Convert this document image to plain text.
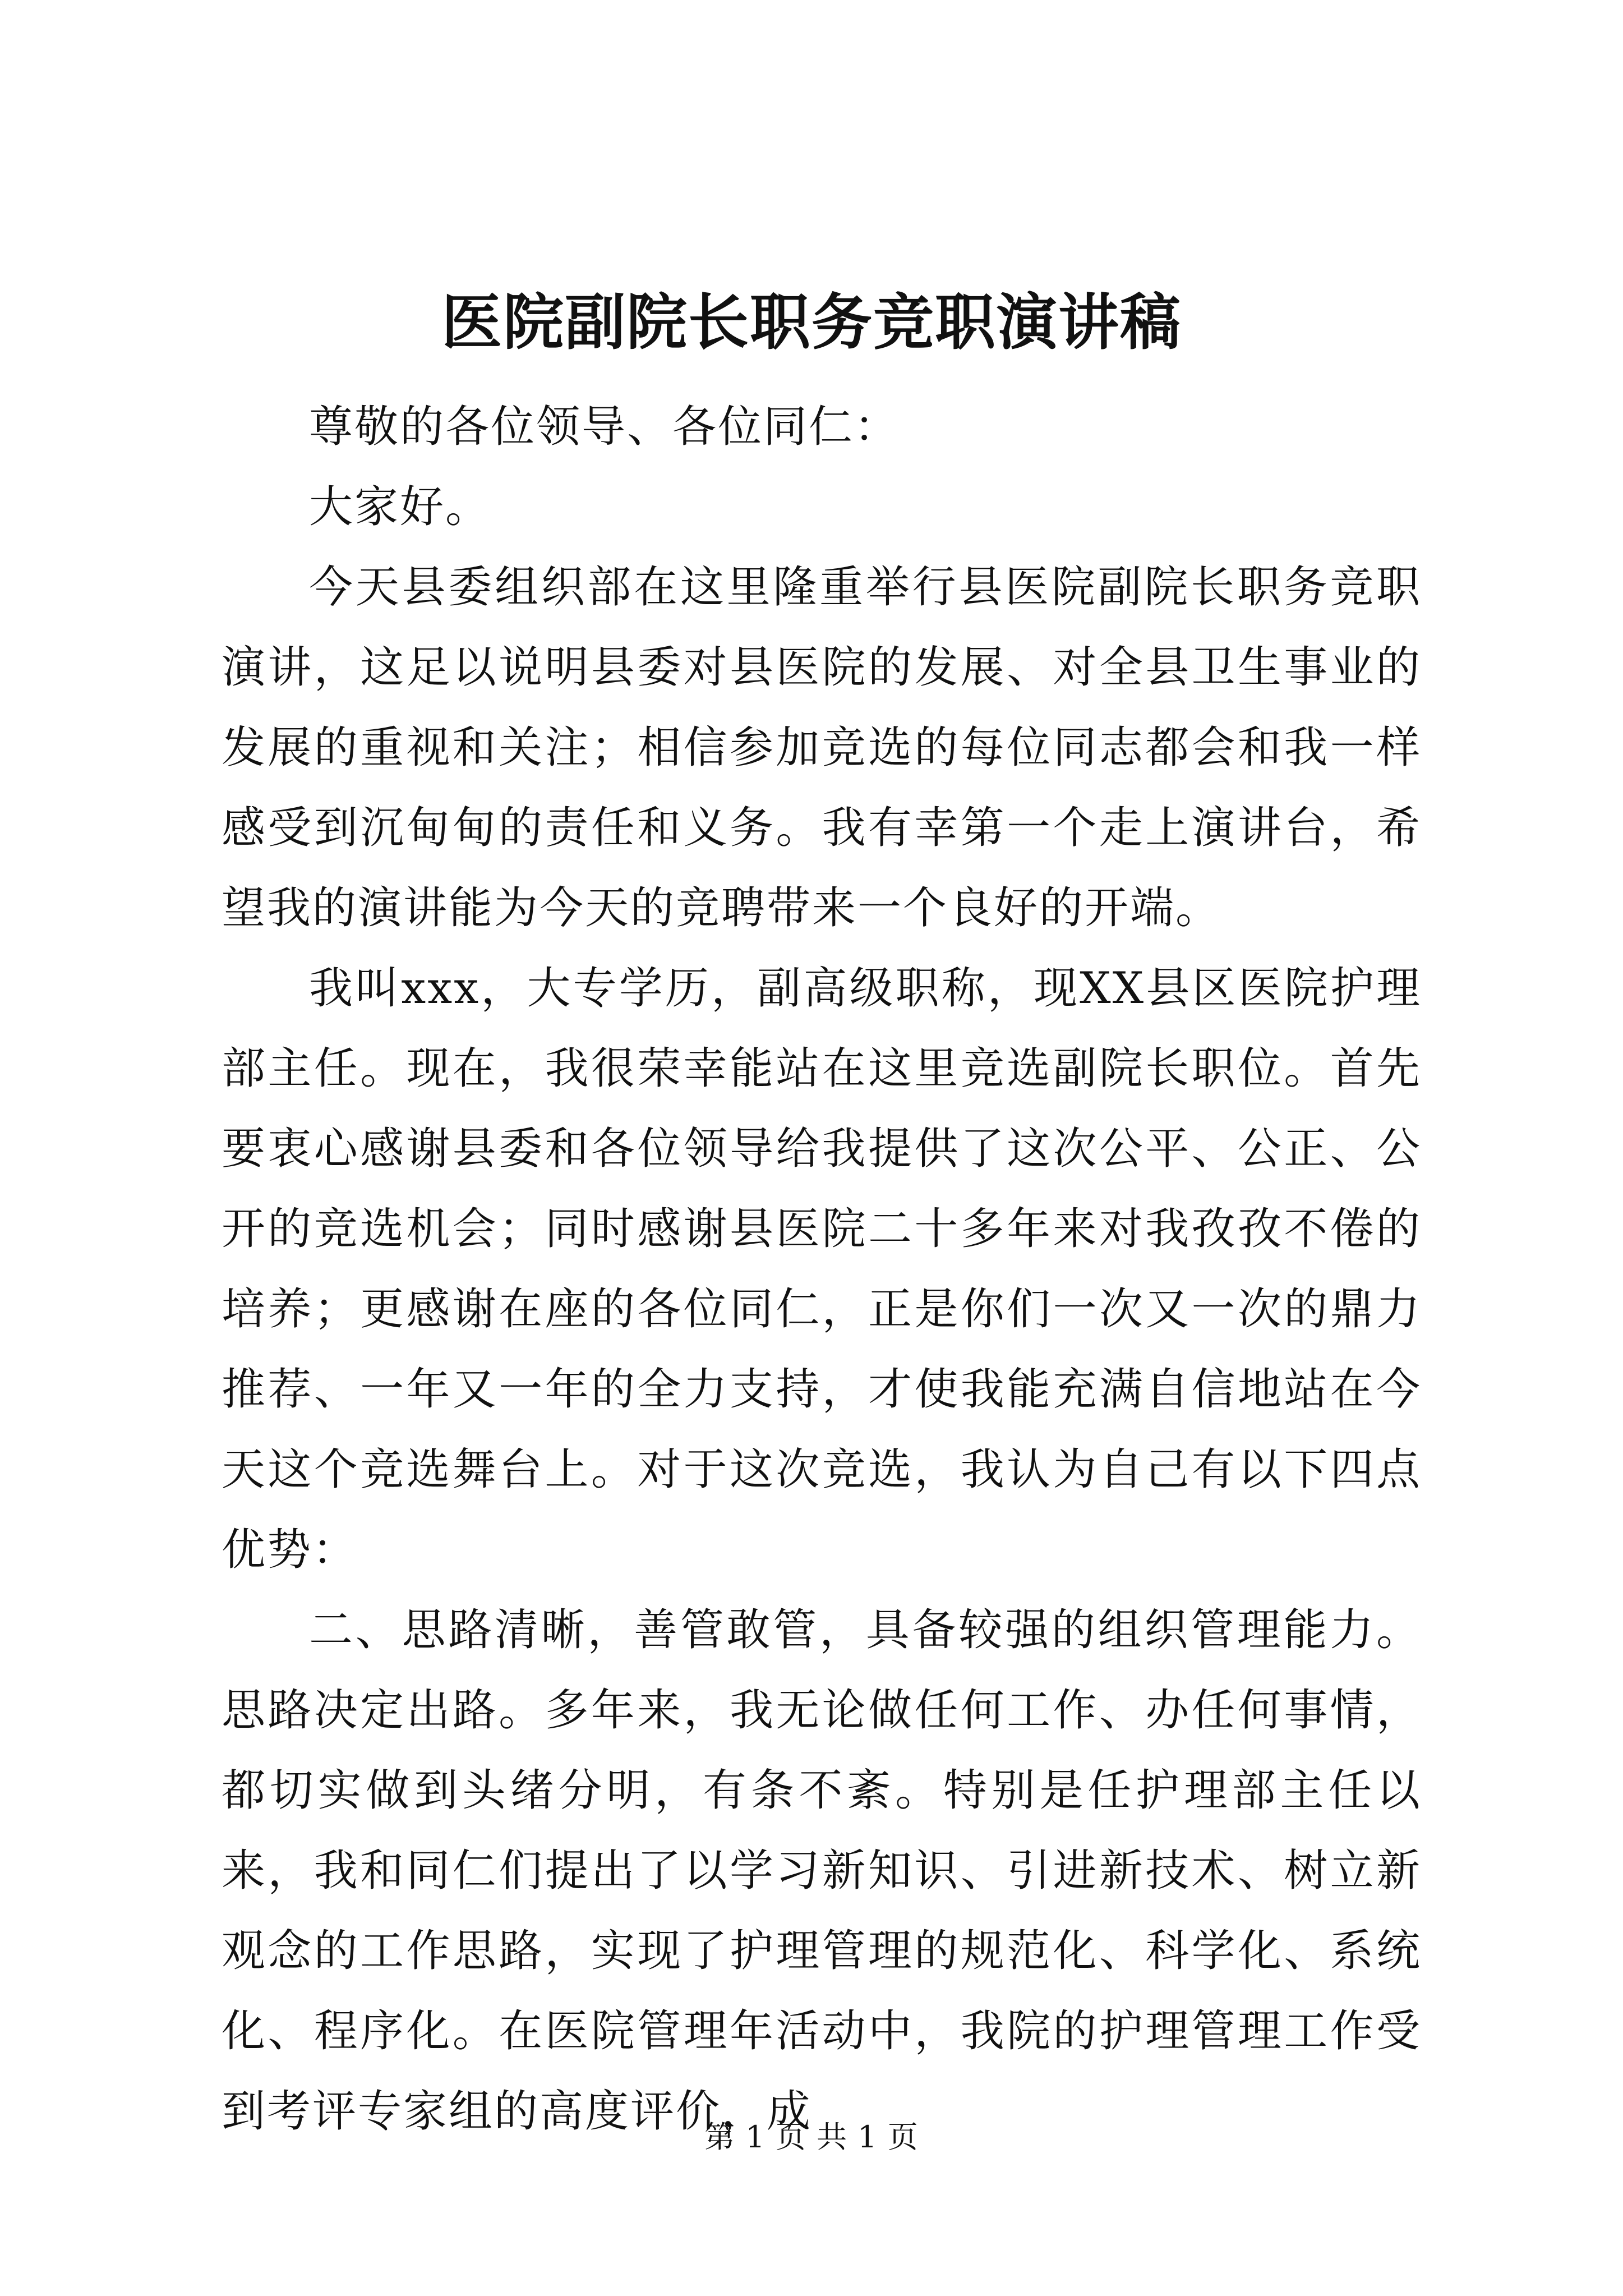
医院副院长职务竞职演讲稿

尊敬的各位领导、各位同仁：

大家好。

今天县委组织部在这里隆重举行县医院副院长职务竞职演讲，这足以说明县委对县医院的发展、对全县卫生事业的发展的重视和关注；相信参加竞选的每位同志都会和我一样感受到沉甸甸的责任和义务。我有幸第一个走上演讲台，希望我的演讲能为今天的竞聘带来一个良好的开端。

我叫xxx，大专学历，副高级职称，现XX县区医院护理部主任。现在，我很荣幸能站在这里竞选副院长职位。首先要衷心感谢县委和各位领导给我提供了这次公平、公正、公开的竞选机会；同时感谢县医院二十多年来对我孜孜不倦的培养；更感谢在座的各位同仁，正是你们一次又一次的鼎力推荐、一年又一年的全力支持，才使我能充满自信地站在今天这个竞选舞台上。对于这次竞选，我认为自己有以下四点优势：

二、思路清晰，善管敢管，具备较强的组织管理能力。思路决定出路。多年来，我无论做任何工作、办任何事情，都切实做到头绪分明，有条不紊。特别是任护理部主任以来，我和同仁们提出了以学习新知识、引进新技术、树立新观念的工作思路，实现了护理管理的规范化、科学化、系统化、程序化。在医院管理年活动中，我院的护理管理工作受到考评专家组的高度评价，成

第 1 页 共 1 页
